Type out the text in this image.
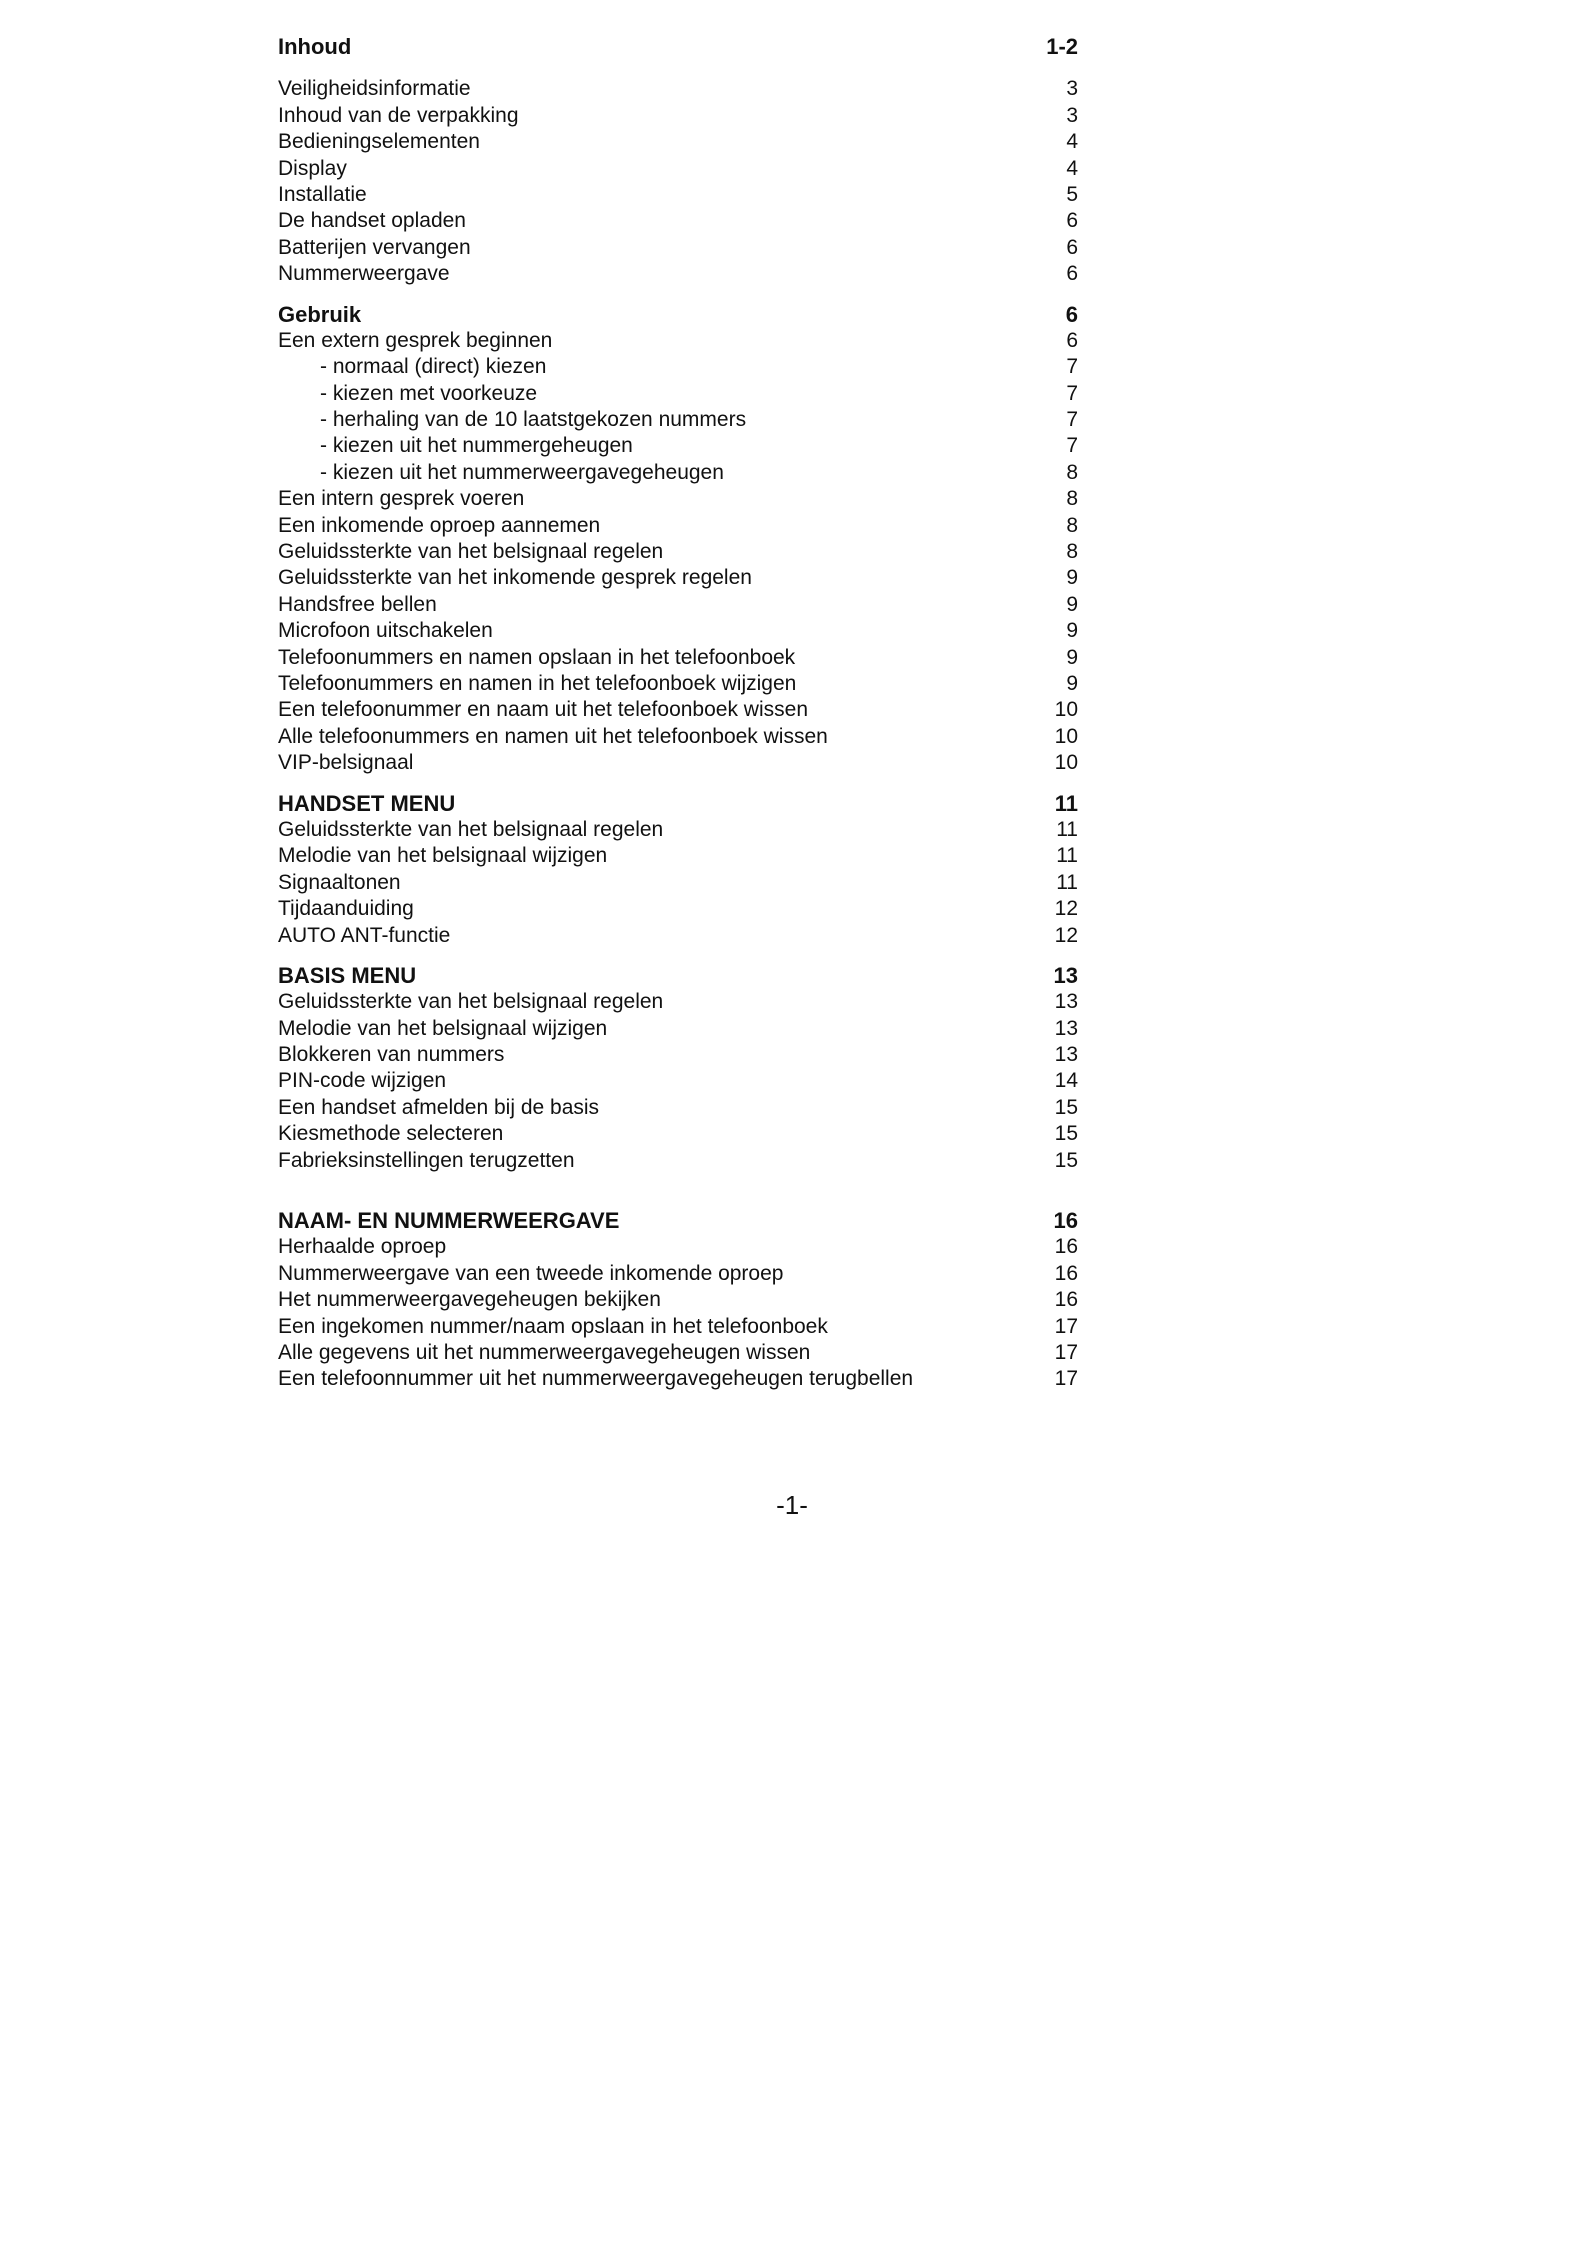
Inhoud	1-2
Veiligheidsinformatie	3
Inhoud van de verpakking	3
Bedieningselementen	4
Display	4
Installatie	5
De handset opladen	6
Batterijen vervangen	6
Nummerweergave	6
Gebruik	6
Een extern gesprek beginnen	6
- normaal (direct) kiezen	7
- kiezen met voorkeuze	7
- herhaling van de 10 laatstgekozen nummers	7
- kiezen uit het nummergeheugen	7
- kiezen uit het nummerweergavegeheugen	8
Een intern gesprek voeren	8
Een inkomende oproep aannemen	8
Geluidssterkte van het belsignaal regelen	8
Geluidssterkte van het inkomende gesprek regelen	9
Handsfree bellen	9
Microfoon uitschakelen	9
Telefoonummers en namen opslaan in het telefoonboek	9
Telefoonummers en namen in het telefoonboek wijzigen	9
Een telefoonummer en naam uit het telefoonboek wissen	10
Alle telefoonummers en namen uit het telefoonboek wissen	10
VIP-belsignaal	10
HANDSET MENU	11
Geluidssterkte van het belsignaal regelen	11
Melodie van het belsignaal wijzigen	11
Signaaltonen	11
Tijdaanduiding	12
AUTO ANT-functie	12
BASIS MENU	13
Geluidssterkte van het belsignaal regelen	13
Melodie van het belsignaal wijzigen	13
Blokkeren van nummers	13
PIN-code wijzigen	14
Een handset afmelden bij de basis	15
Kiesmethode selecteren	15
Fabrieksinstellingen terugzetten	15
NAAM- EN NUMMERWEERGAVE	16
Herhaalde oproep	16
Nummerweergave van een tweede inkomende oproep	16
Het nummerweergavegeheugen bekijken	16
Een ingekomen nummer/naam opslaan in het telefoonboek	17
Alle gegevens uit het nummerweergavegeheugen wissen	17
Een telefoonnummer uit het nummerweergavegeheugen terugbellen	17
-1-
